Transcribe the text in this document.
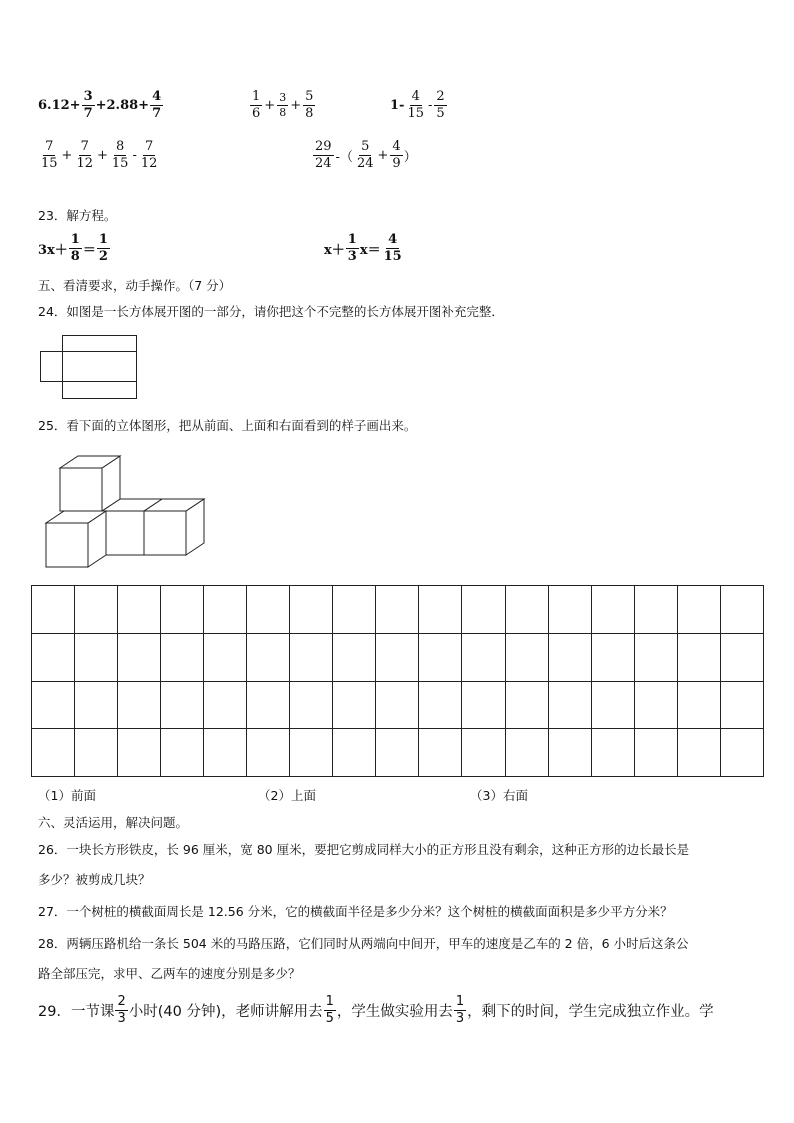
$6.12+ \frac{3}{7} +2.88+ \frac{4}{7}$	$\frac{1}{6} + \frac{3}{8} + \frac{5}{8}$	$1- \frac{4}{15} - \frac{2}{5}$
$\frac{7}{15} + \frac{7}{12} + \frac{8}{15} - \frac{7}{12}$	$\frac{29}{24}$ -（ $\frac{5}{24} + \frac{4}{9}$ ）
23．解方程。
$3x+ \frac{1}{8} = \frac{1}{2}$	$x+ \frac{1}{3} x= \frac{4}{15}$
五、看清要求，动手操作。（7 分）
24．如图是一长方体展开图的一部分，请你把这个不完整的长方体展开图补充完整．
25．看下面的立体图形，把从前面、上面和右面看到的样子画出来。

（1）前面	（2）上面	（3）右面
六、灵活运用，解决问题。
26．一块长方形铁皮，长 96 厘米，宽 80 厘米，要把它剪成同样大小的正方形且没有剩余，这种正方形的边长最长是
多少？被剪成几块？
27．一个树桩的横截面周长是 12.56 分米，它的横截面半径是多少分米？这个树桩的横截面面积是多少平方分米？
28．两辆压路机给一条长 504 米的马路压路，它们同时从两端向中间开，甲车的速度是乙车的 2 倍，6 小时后这条公
路全部压完，求甲、乙两车的速度分别是多少？
29．一节课 $\frac{2}{3}$ 小时(40 分钟)，老师讲解用去 $\frac{1}{5}$ ，学生做实验用去 $\frac{1}{3}$ ，剩下的时间，学生完成独立作业。学
